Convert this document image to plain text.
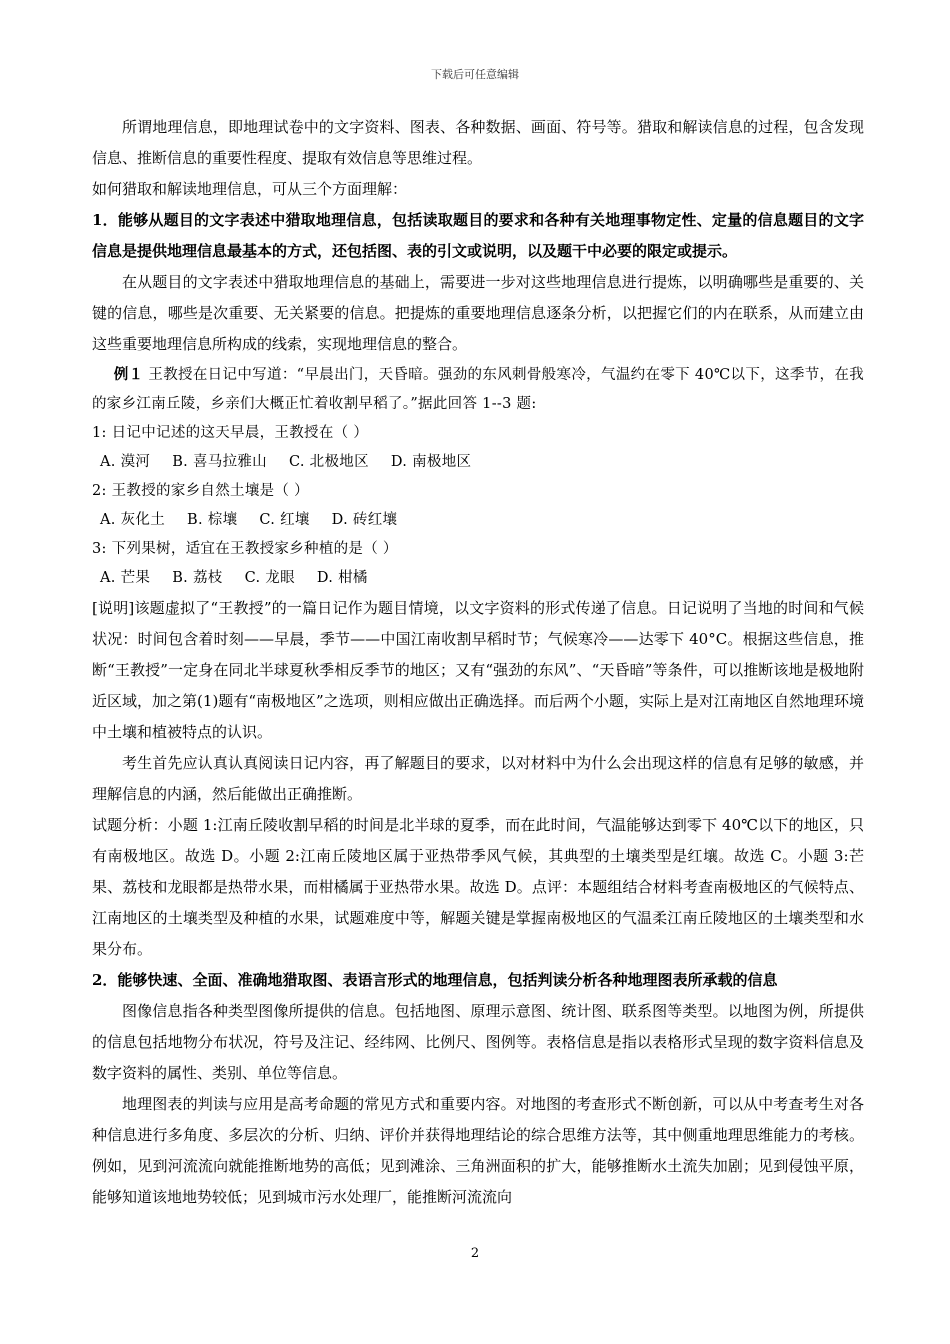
下载后可任意编辑

所谓地理信息，即地理试卷中的文字资料、图表、各种数据、画面、符号等。猎取和解读信息的过程，包含发现信息、推断信息的重要性程度、提取有效信息等思维过程。

如何猎取和解读地理信息，可从三个方面理解：

1．能够从题目的文字表述中猎取地理信息，包括读取题目的要求和各种有关地理事物定性、定量的信息题目的文字信息是提供地理信息最基本的方式，还包括图、表的引文或说明，以及题干中必要的限定或提示。

在从题目的文字表述中猎取地理信息的基础上，需要进一步对这些地理信息进行提炼，以明确哪些是重要的、关键的信息，哪些是次重要、无关紧要的信息。把提炼的重要地理信息逐条分析，以把握它们的内在联系，从而建立由这些重要地理信息所构成的线索，实现地理信息的整合。

例１ 王教授在日记中写道：“早晨出门，天昏暗。强劲的东风刺骨般寒冷，气温约在零下 40℃以下，这季节，在我的家乡江南丘陵，乡亲们大概正忙着收割早稻了。”据此回答 1--3 题:

1: 日记中记述的这天早晨，王教授在（ ）

A. 漠河 B. 喜马拉雅山 C. 北极地区 D. 南极地区

2: 王教授的家乡自然土壤是（ ）

A. 灰化土 B. 棕壤 C. 红壤 D. 砖红壤

3: 下列果树，适宜在王教授家乡种植的是（ ）

A. 芒果 B. 荔枝 C. 龙眼 D. 柑橘

[说明]该题虚拟了“王教授”的一篇日记作为题目情境，以文字资料的形式传递了信息。日记说明了当地的时间和气候状况：时间包含着时刻——早晨，季节——中国江南收割早稻时节；气候寒冷——达零下 40°C。根据这些信息，推断“王教授”一定身在同北半球夏秋季相反季节的地区；又有“强劲的东风”、“天昏暗”等条件，可以推断该地是极地附近区域，加之第(1)题有“南极地区”之选项，则相应做出正确选择。而后两个小题，实际上是对江南地区自然地理环境中土壤和植被特点的认识。

考生首先应认真认真阅读日记内容，再了解题目的要求，以对材料中为什么会出现这样的信息有足够的敏感，并理解信息的内涵，然后能做出正确推断。

试题分析：小题 1:江南丘陵收割早稻的时间是北半球的夏季，而在此时间，气温能够达到零下 40℃以下的地区，只有南极地区。故选 D。小题 2:江南丘陵地区属于亚热带季风气候，其典型的土壤类型是红壤。故选 C。小题 3:芒果、荔枝和龙眼都是热带水果，而柑橘属于亚热带水果。故选 D。点评：本题组结合材料考查南极地区的气候特点、江南地区的土壤类型及种植的水果，试题难度中等，解题关键是掌握南极地区的气温柔江南丘陵地区的土壤类型和水果分布。

2．能够快速、全面、准确地猎取图、表语言形式的地理信息，包括判读分析各种地理图表所承载的信息

图像信息指各种类型图像所提供的信息。包括地图、原理示意图、统计图、联系图等类型。以地图为例，所提供的信息包括地物分布状况，符号及注记、经纬网、比例尺、图例等。表格信息是指以表格形式呈现的数字资料信息及数字资料的属性、类别、单位等信息。

地理图表的判读与应用是高考命题的常见方式和重要内容。对地图的考查形式不断创新，可以从中考查考生对各种信息进行多角度、多层次的分析、归纳、评价并获得地理结论的综合思维方法等，其中侧重地理思维能力的考核。例如，见到河流流向就能推断地势的高低；见到滩涂、三角洲面积的扩大，能够推断水土流失加剧；见到侵蚀平原，能够知道该地地势较低；见到城市污水处理厂，能推断河流流向

2
